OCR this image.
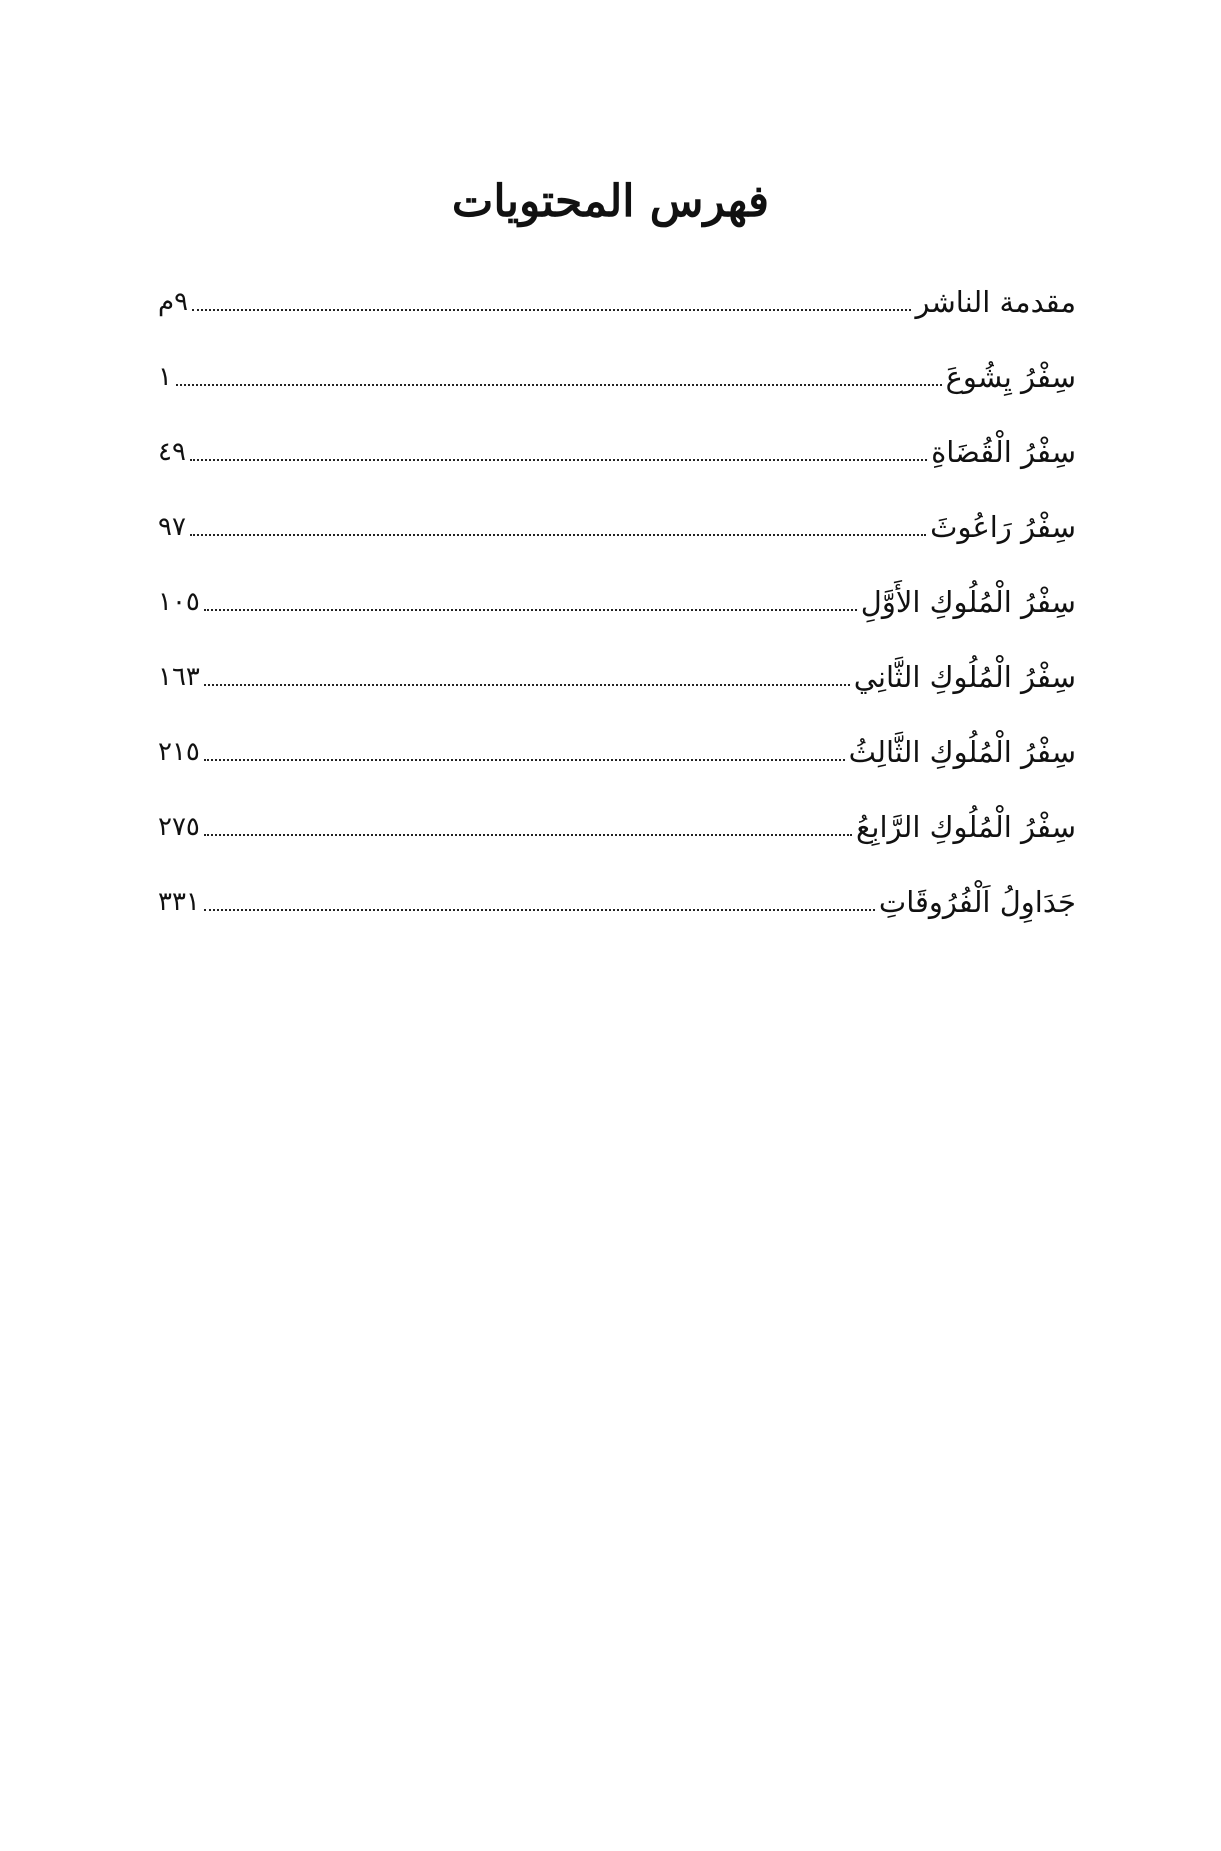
فهرس المحتويات
مقدمة الناشر
٩م
سِفْرُ يِشُوعَ
١
سِفْرُ الْقُضَاةِ
٤٩
سِفْرُ رَاعُوثَ
٩٧
سِفْرُ الْمُلُوكِ الأَوَّلِ
١٠٥
سِفْرُ الْمُلُوكِ الثَّانِي
١٦٣
سِفْرُ الْمُلُوكِ الثَّالِثُ
٢١٥
سِفْرُ الْمُلُوكِ الرَّابِعُ
٢٧٥
جَدَاوِلُ اَلْفُرُوقَاتِ
٣٣١
